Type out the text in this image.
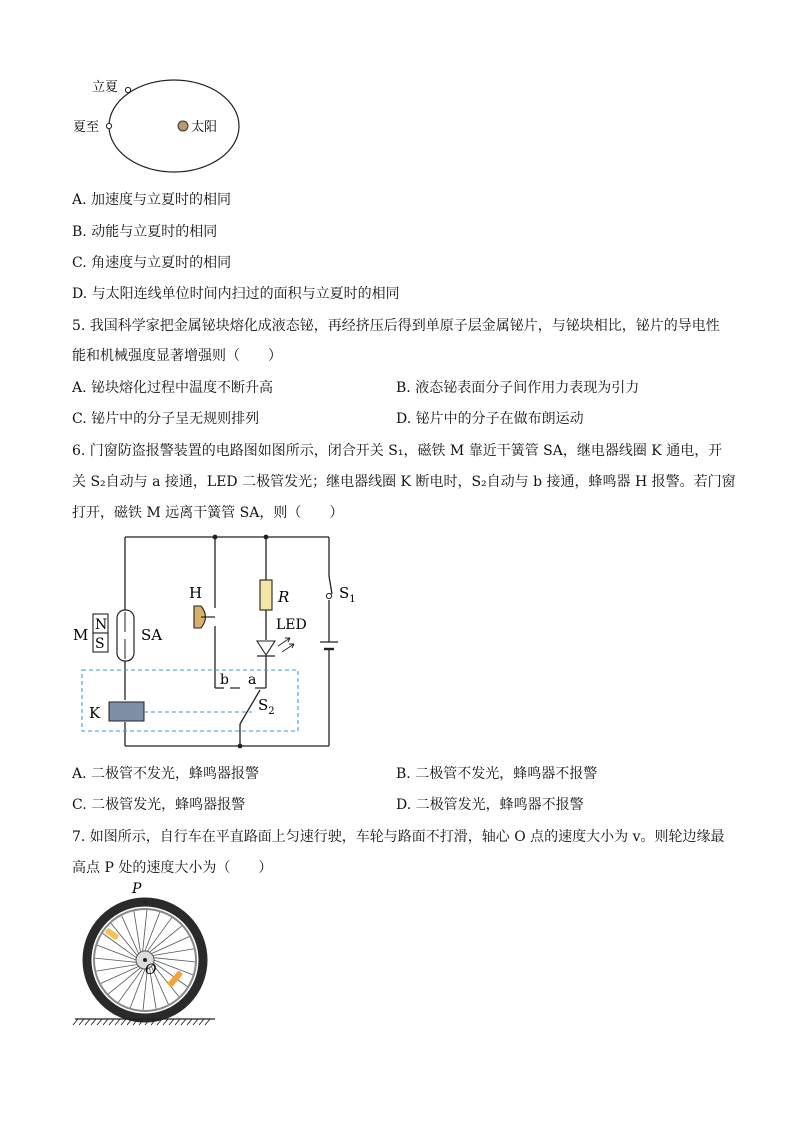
立夏
夏至	太阳
A. 加速度与立夏时的相同
B. 动能与立夏时的相同
C. 角速度与立夏时的相同
D. 与太阳连线单位时间内扫过的面积与立夏时的相同
5. 我国科学家把金属铋块熔化成液态铋，再经挤压后得到单原子层金属铋片，与铋块相比，铋片的导电性
能和机械强度显著增强则（　　）
A. 铋块熔化过程中温度不断升高	B. 液态铋表面分子间作用力表现为引力
C. 铋片中的分子呈无规则排列	D. 铋片中的分子在做布朗运动
6. 门窗防盗报警装置的电路图如图所示，闭合开关 S₁，磁铁 M 靠近干簧管 SA，继电器线圈 K 通电，开
关 S₂自动与 a 接通，LED 二极管发光；继电器线圈 K 断电时，S₂自动与 b 接通，蜂鸣器 H 报警。若门窗
打开，磁铁 M 远离干簧管 SA，则（　　）
N
S
M	SA
H	R
LED
$S_1$
b a
K	$S_2$
A. 二极管不发光，蜂鸣器报警	B. 二极管不发光，蜂鸣器不报警
C. 二极管发光，蜂鸣器报警	D. 二极管发光，蜂鸣器不报警
7. 如图所示，自行车在平直路面上匀速行驶，车轮与路面不打滑，轴心 O 点的速度大小为 v。则轮边缘最
高点 P 处的速度大小为（　　）
P
O
